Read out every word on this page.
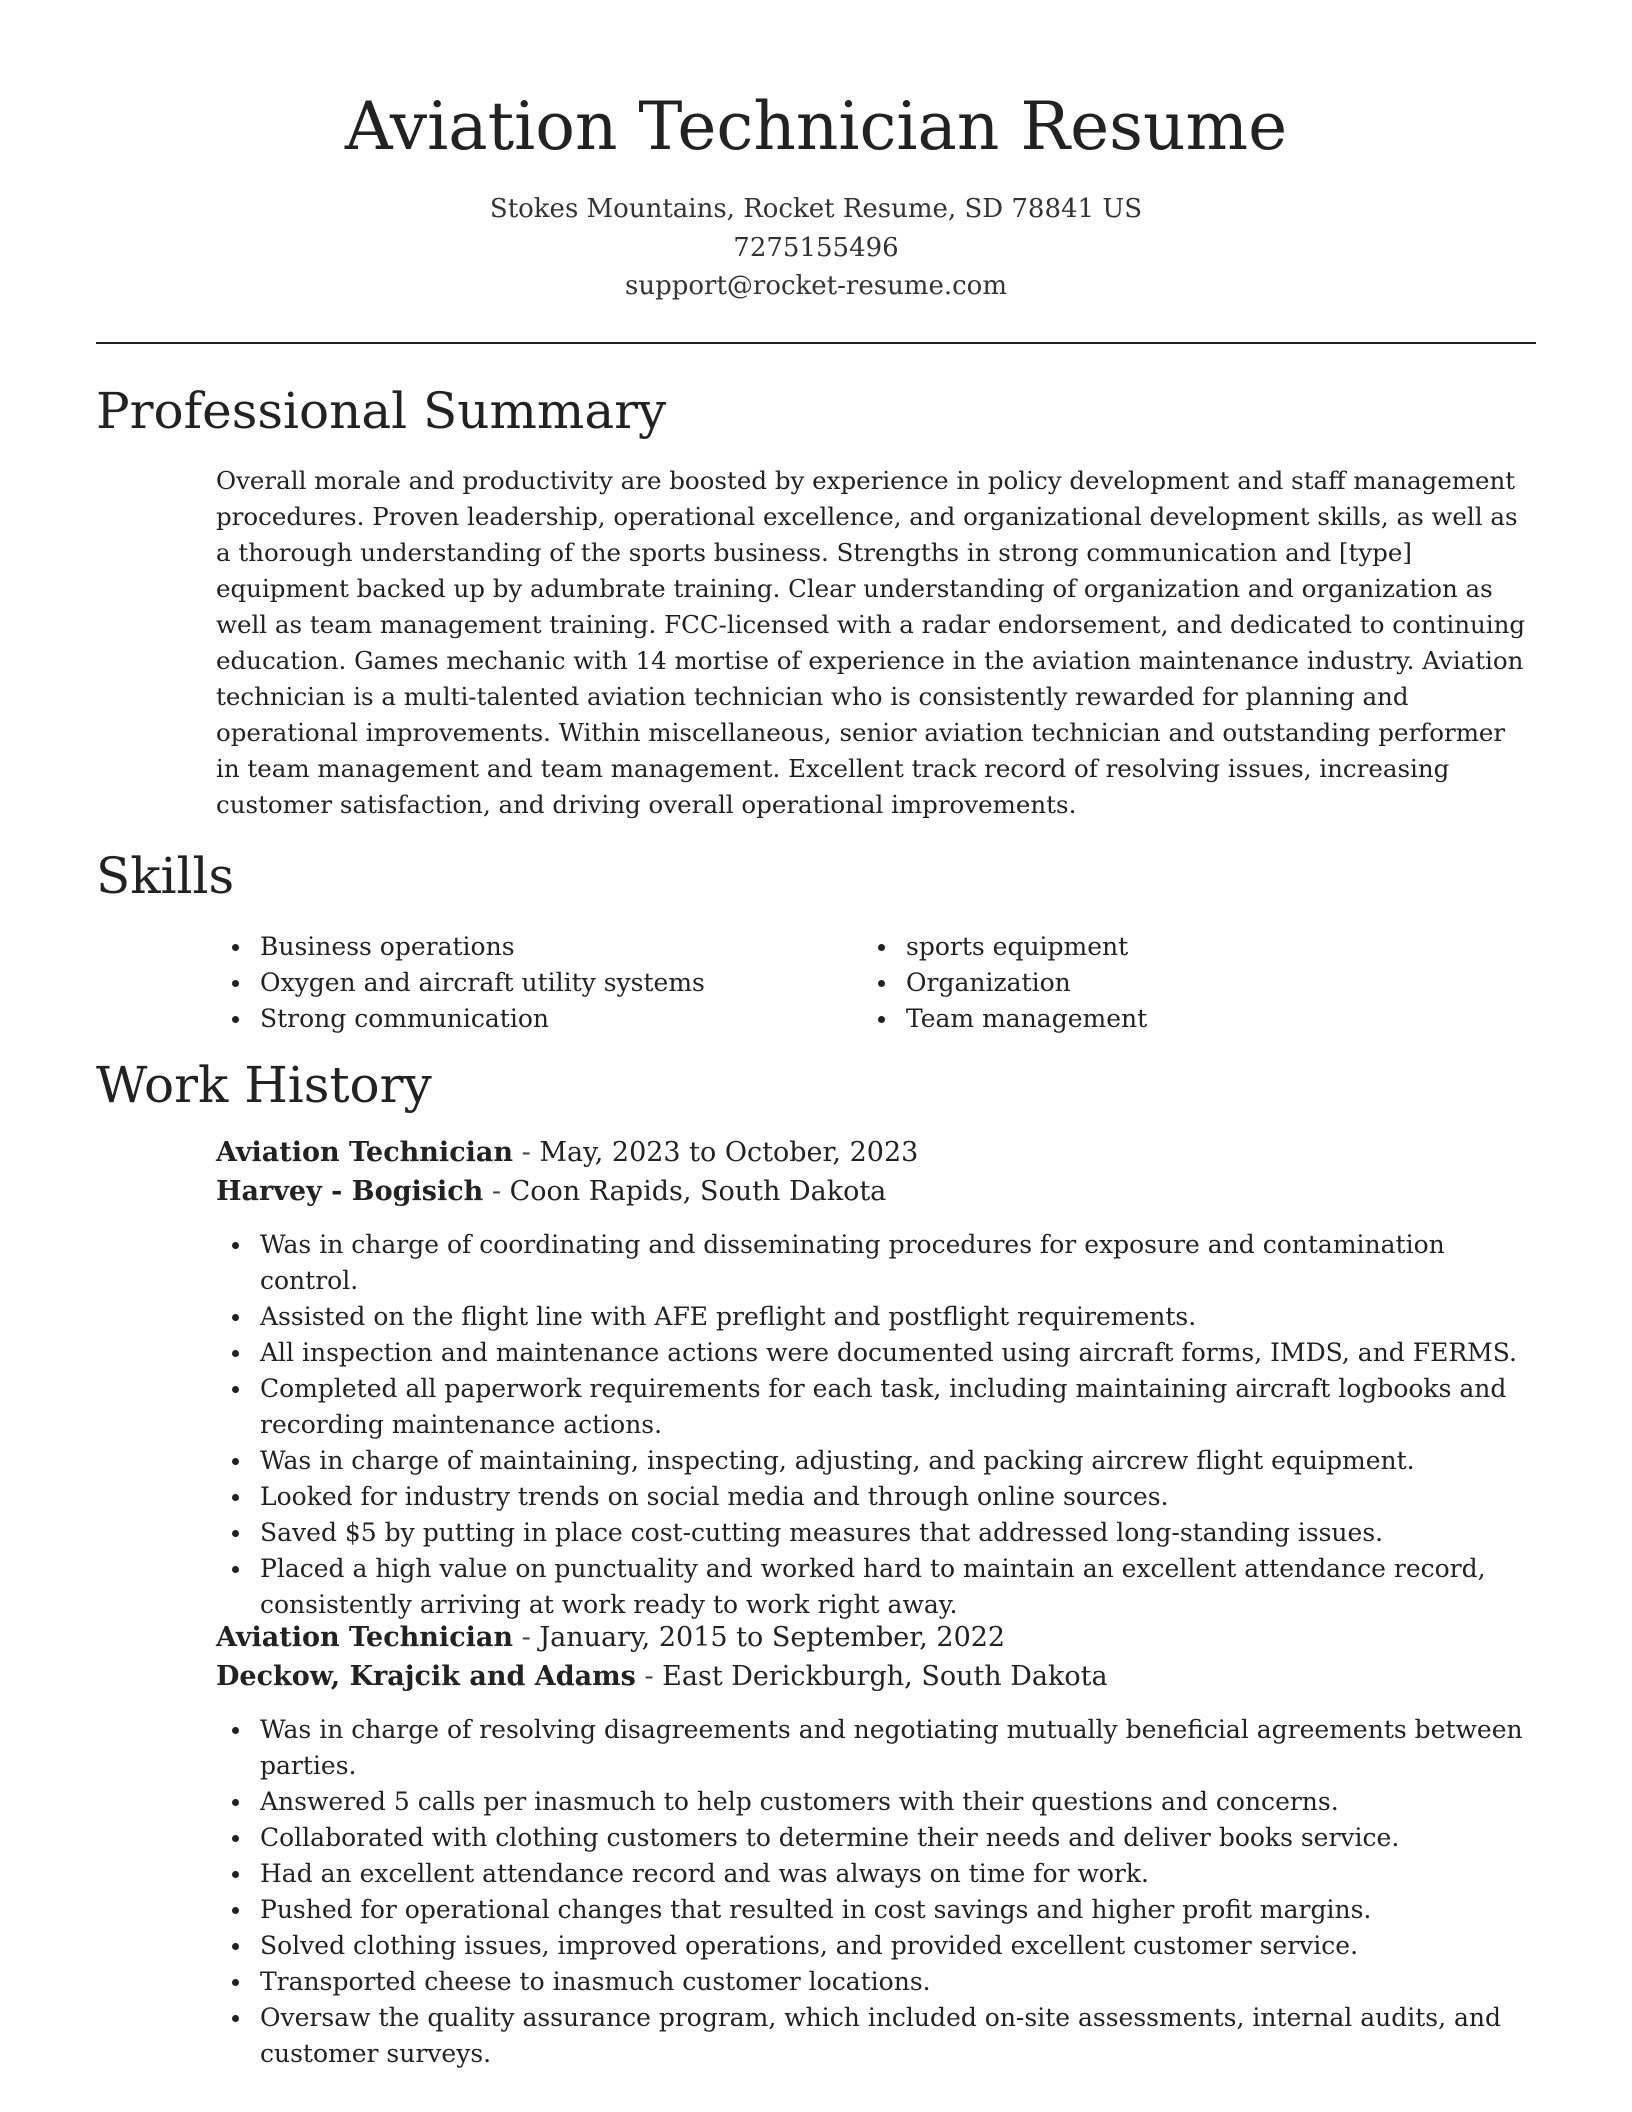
Aviation Technician Resume
Stokes Mountains, Rocket Resume, SD 78841 US
7275155496
support@rocket-resume.com
Professional Summary

Overall morale and productivity are boosted by experience in policy development and staff management procedures. Proven leadership, operational excellence, and organizational development skills, as well as a thorough understanding of the sports business. Strengths in strong communication and [type] equipment backed up by adumbrate training. Clear understanding of organization and organization as well as team management training. FCC-licensed with a radar endorsement, and dedicated to continuing education. Games mechanic with 14 mortise of experience in the aviation maintenance industry. Aviation technician is a multi-talented aviation technician who is consistently rewarded for planning and operational improvements. Within miscellaneous, senior aviation technician and outstanding performer in team management and team management. Excellent track record of resolving issues, increasing customer satisfaction, and driving overall operational improvements.

Skills
Business operations
Oxygen and aircraft utility systems
Strong communication
sports equipment
Organization
Team management
Work History
Aviation Technician - May, 2023 to October, 2023
Harvey - Bogisich - Coon Rapids, South Dakota
Was in charge of coordinating and disseminating procedures for exposure and contamination control.
Assisted on the flight line with AFE preflight and postflight requirements.
All inspection and maintenance actions were documented using aircraft forms, IMDS, and FERMS.
Completed all paperwork requirements for each task, including maintaining aircraft logbooks and recording maintenance actions.
Was in charge of maintaining, inspecting, adjusting, and packing aircrew flight equipment.
Looked for industry trends on social media and through online sources.
Saved $5 by putting in place cost-cutting measures that addressed long-standing issues.
Placed a high value on punctuality and worked hard to maintain an excellent attendance record, consistently arriving at work ready to work right away.
Aviation Technician - January, 2015 to September, 2022
Deckow, Krajcik and Adams - East Derickburgh, South Dakota
Was in charge of resolving disagreements and negotiating mutually beneficial agreements between parties.
Answered 5 calls per inasmuch to help customers with their questions and concerns.
Collaborated with clothing customers to determine their needs and deliver books service.
Had an excellent attendance record and was always on time for work.
Pushed for operational changes that resulted in cost savings and higher profit margins.
Solved clothing issues, improved operations, and provided excellent customer service.
Transported cheese to inasmuch customer locations.
Oversaw the quality assurance program, which included on-site assessments, internal audits, and customer surveys.
